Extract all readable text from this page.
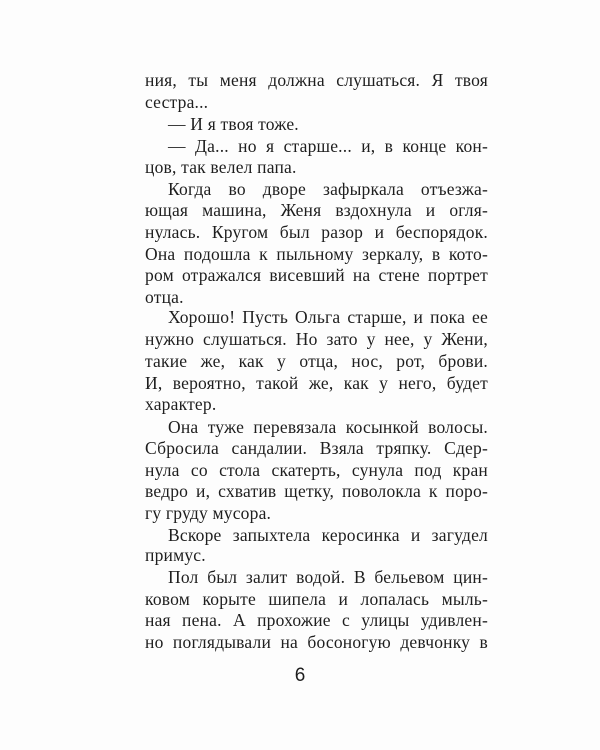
6
ния, ты меня должна слушаться. Я твоя
сестра...
— И я твоя тоже.
— Да... но я старше... и, в конце кон-
цов, так велел папа.
Когда во дворе зафыркала отъезжа-
ющая машина, Женя вздохнула и огля-
нулась. Кругом был разор и беспорядок.
Она подошла к пыльному зеркалу, в кото-
ром отражался висевший на стене портрет
отца.
Хорошо! Пусть Ольга старше, и пока ее
нужно слушаться. Но зато у нее, у Жени,
такие же, как у отца, нос, рот, брови.
И, вероятно, такой же, как у него, будет
характер.
Она туже перевязала косынкой волосы.
Сбросила сандалии. Взяла тряпку. Сдер-
нула со стола скатерть, сунула под кран
ведро и, схватив щетку, поволокла к поро-
гу груду мусора.
Вскоре запыхтела керосинка и загудел
примус.
Пол был залит водой. В бельевом цин-
ковом корыте шипела и лопалась мыль-
ная пена. А прохожие с улицы удивлен-
но поглядывали на босоногую девчонку в
